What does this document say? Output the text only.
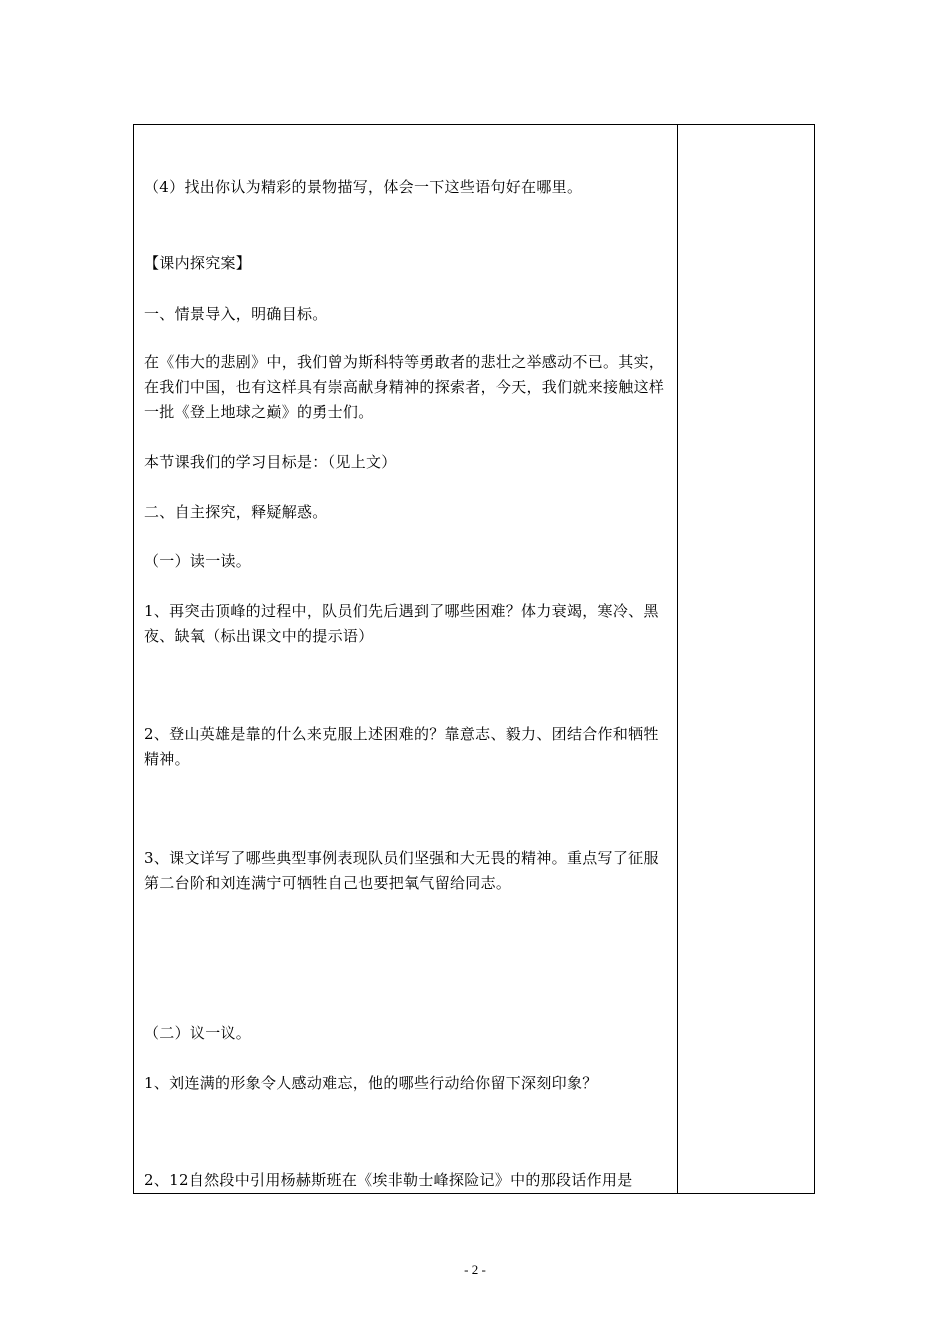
（4）找出你认为精彩的景物描写，体会一下这些语句好在哪里。
【课内探究案】
一、情景导入，明确目标。
在《伟大的悲剧》中，我们曾为斯科特等勇敢者的悲壮之举感动不已。其实，在我们中国，也有这样具有崇高献身精神的探索者，今天，我们就来接触这样一批《登上地球之巅》的勇士们。
本节课我们的学习目标是：（见上文）
二、自主探究，释疑解惑。
（一）读一读。
1、再突击顶峰的过程中，队员们先后遇到了哪些困难？体力衰竭，寒冷、黑夜、缺氧（标出课文中的提示语）
2、登山英雄是靠的什么来克服上述困难的？靠意志、毅力、团结合作和牺牲精神。
3、课文详写了哪些典型事例表现队员们坚强和大无畏的精神。重点写了征服第二台阶和刘连满宁可牺牲自己也要把氧气留给同志。
（二）议一议。
1、刘连满的形象令人感动难忘，他的哪些行动给你留下深刻印象？
2、12自然段中引用杨赫斯班在《埃非勒士峰探险记》中的那段话作用是
- 2 -
